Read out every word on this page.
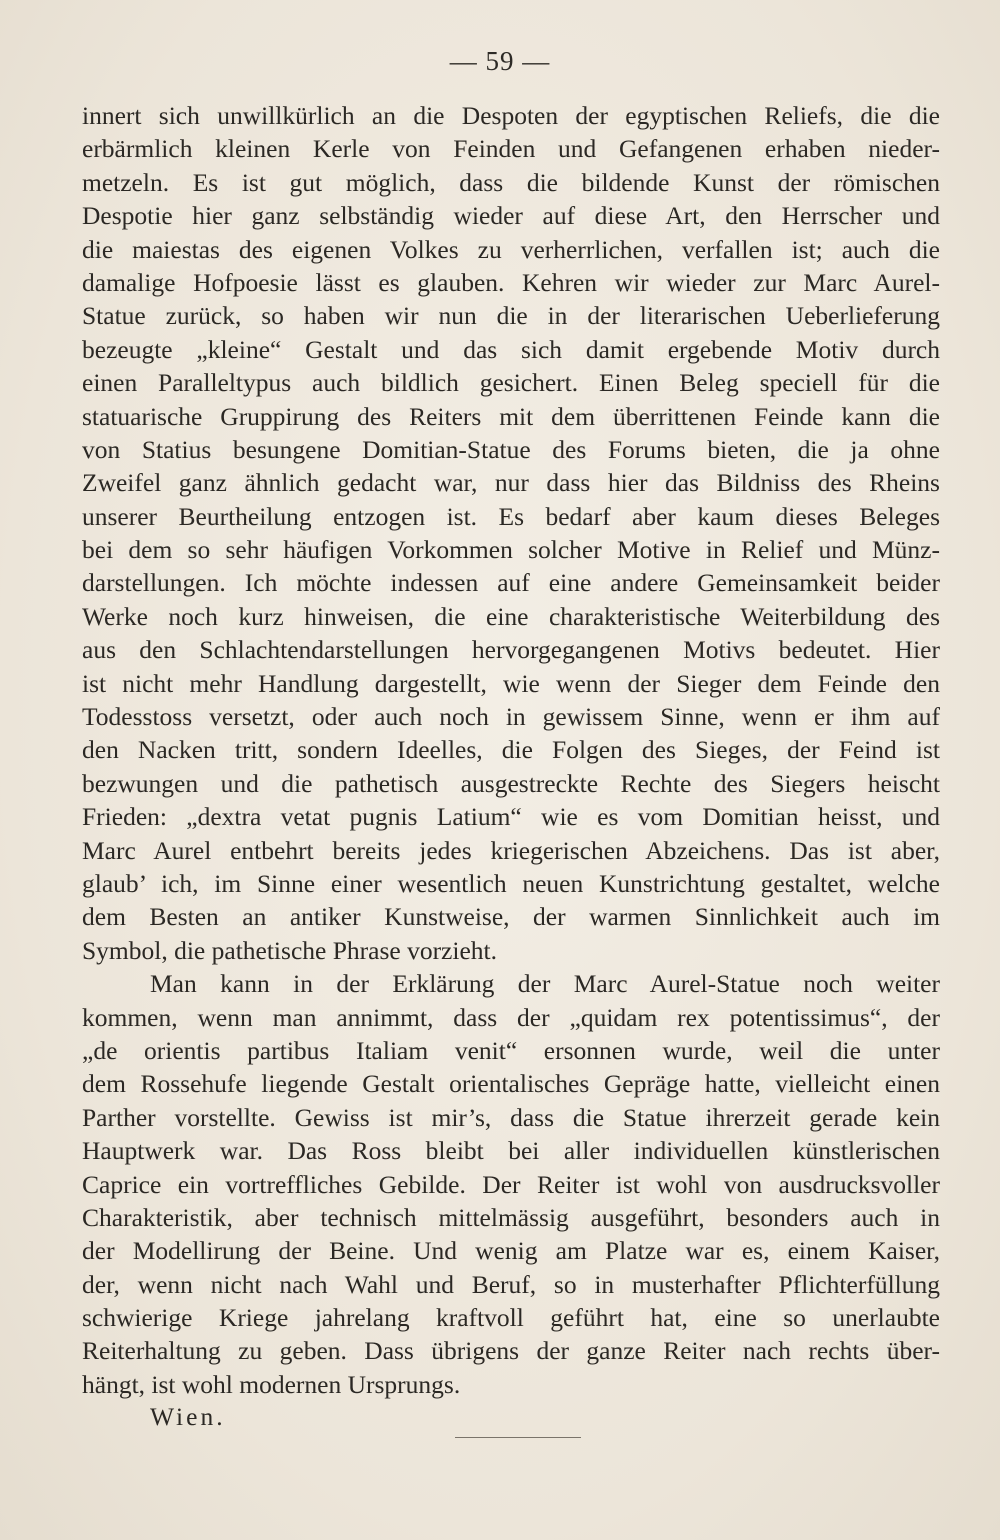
— 59 —
innert sich unwillkürlich an die Despoten der egyptischen Reliefs, die die
erbärmlich kleinen Kerle von Feinden und Gefangenen erhaben nieder-
metzeln. Es ist gut möglich, dass die bildende Kunst der römischen
Despotie hier ganz selbständig wieder auf diese Art, den Herrscher und
die maiestas des eigenen Volkes zu verherrlichen, verfallen ist; auch die
damalige Hofpoesie lässt es glauben. Kehren wir wieder zur Marc Aurel-
Statue zurück, so haben wir nun die in der literarischen Ueberlieferung
bezeugte „kleine“ Gestalt und das sich damit ergebende Motiv durch
einen Paralleltypus auch bildlich gesichert. Einen Beleg speciell für die
statuarische Gruppirung des Reiters mit dem überrittenen Feinde kann die
von Statius besungene Domitian-Statue des Forums bieten, die ja ohne
Zweifel ganz ähnlich gedacht war, nur dass hier das Bildniss des Rheins
unserer Beurtheilung entzogen ist. Es bedarf aber kaum dieses Beleges
bei dem so sehr häufigen Vorkommen solcher Motive in Relief und Münz-
darstellungen. Ich möchte indessen auf eine andere Gemeinsamkeit beider
Werke noch kurz hinweisen, die eine charakteristische Weiterbildung des
aus den Schlachtendarstellungen hervorgegangenen Motivs bedeutet. Hier
ist nicht mehr Handlung dargestellt, wie wenn der Sieger dem Feinde den
Todesstoss versetzt, oder auch noch in gewissem Sinne, wenn er ihm auf
den Nacken tritt, sondern Ideelles, die Folgen des Sieges, der Feind ist
bezwungen und die pathetisch ausgestreckte Rechte des Siegers heischt
Frieden: „dextra vetat pugnis Latium“ wie es vom Domitian heisst, und
Marc Aurel entbehrt bereits jedes kriegerischen Abzeichens. Das ist aber,
glaub’ ich, im Sinne einer wesentlich neuen Kunstrichtung gestaltet, welche
dem Besten an antiker Kunstweise, der warmen Sinnlichkeit auch im
Symbol, die pathetische Phrase vorzieht.
Man kann in der Erklärung der Marc Aurel-Statue noch weiter
kommen, wenn man annimmt, dass der „quidam rex potentissimus“, der
„de orientis partibus Italiam venit“ ersonnen wurde, weil die unter
dem Rossehufe liegende Gestalt orientalisches Gepräge hatte, vielleicht einen
Parther vorstellte. Gewiss ist mir’s, dass die Statue ihrerzeit gerade kein
Hauptwerk war. Das Ross bleibt bei aller individuellen künstlerischen
Caprice ein vortreffliches Gebilde. Der Reiter ist wohl von ausdrucksvoller
Charakteristik, aber technisch mittelmässig ausgeführt, besonders auch in
der Modellirung der Beine. Und wenig am Platze war es, einem Kaiser,
der, wenn nicht nach Wahl und Beruf, so in musterhafter Pflichterfüllung
schwierige Kriege jahrelang kraftvoll geführt hat, eine so unerlaubte
Reiterhaltung zu geben. Dass übrigens der ganze Reiter nach rechts über-
hängt, ist wohl modernen Ursprungs.
Wien.
